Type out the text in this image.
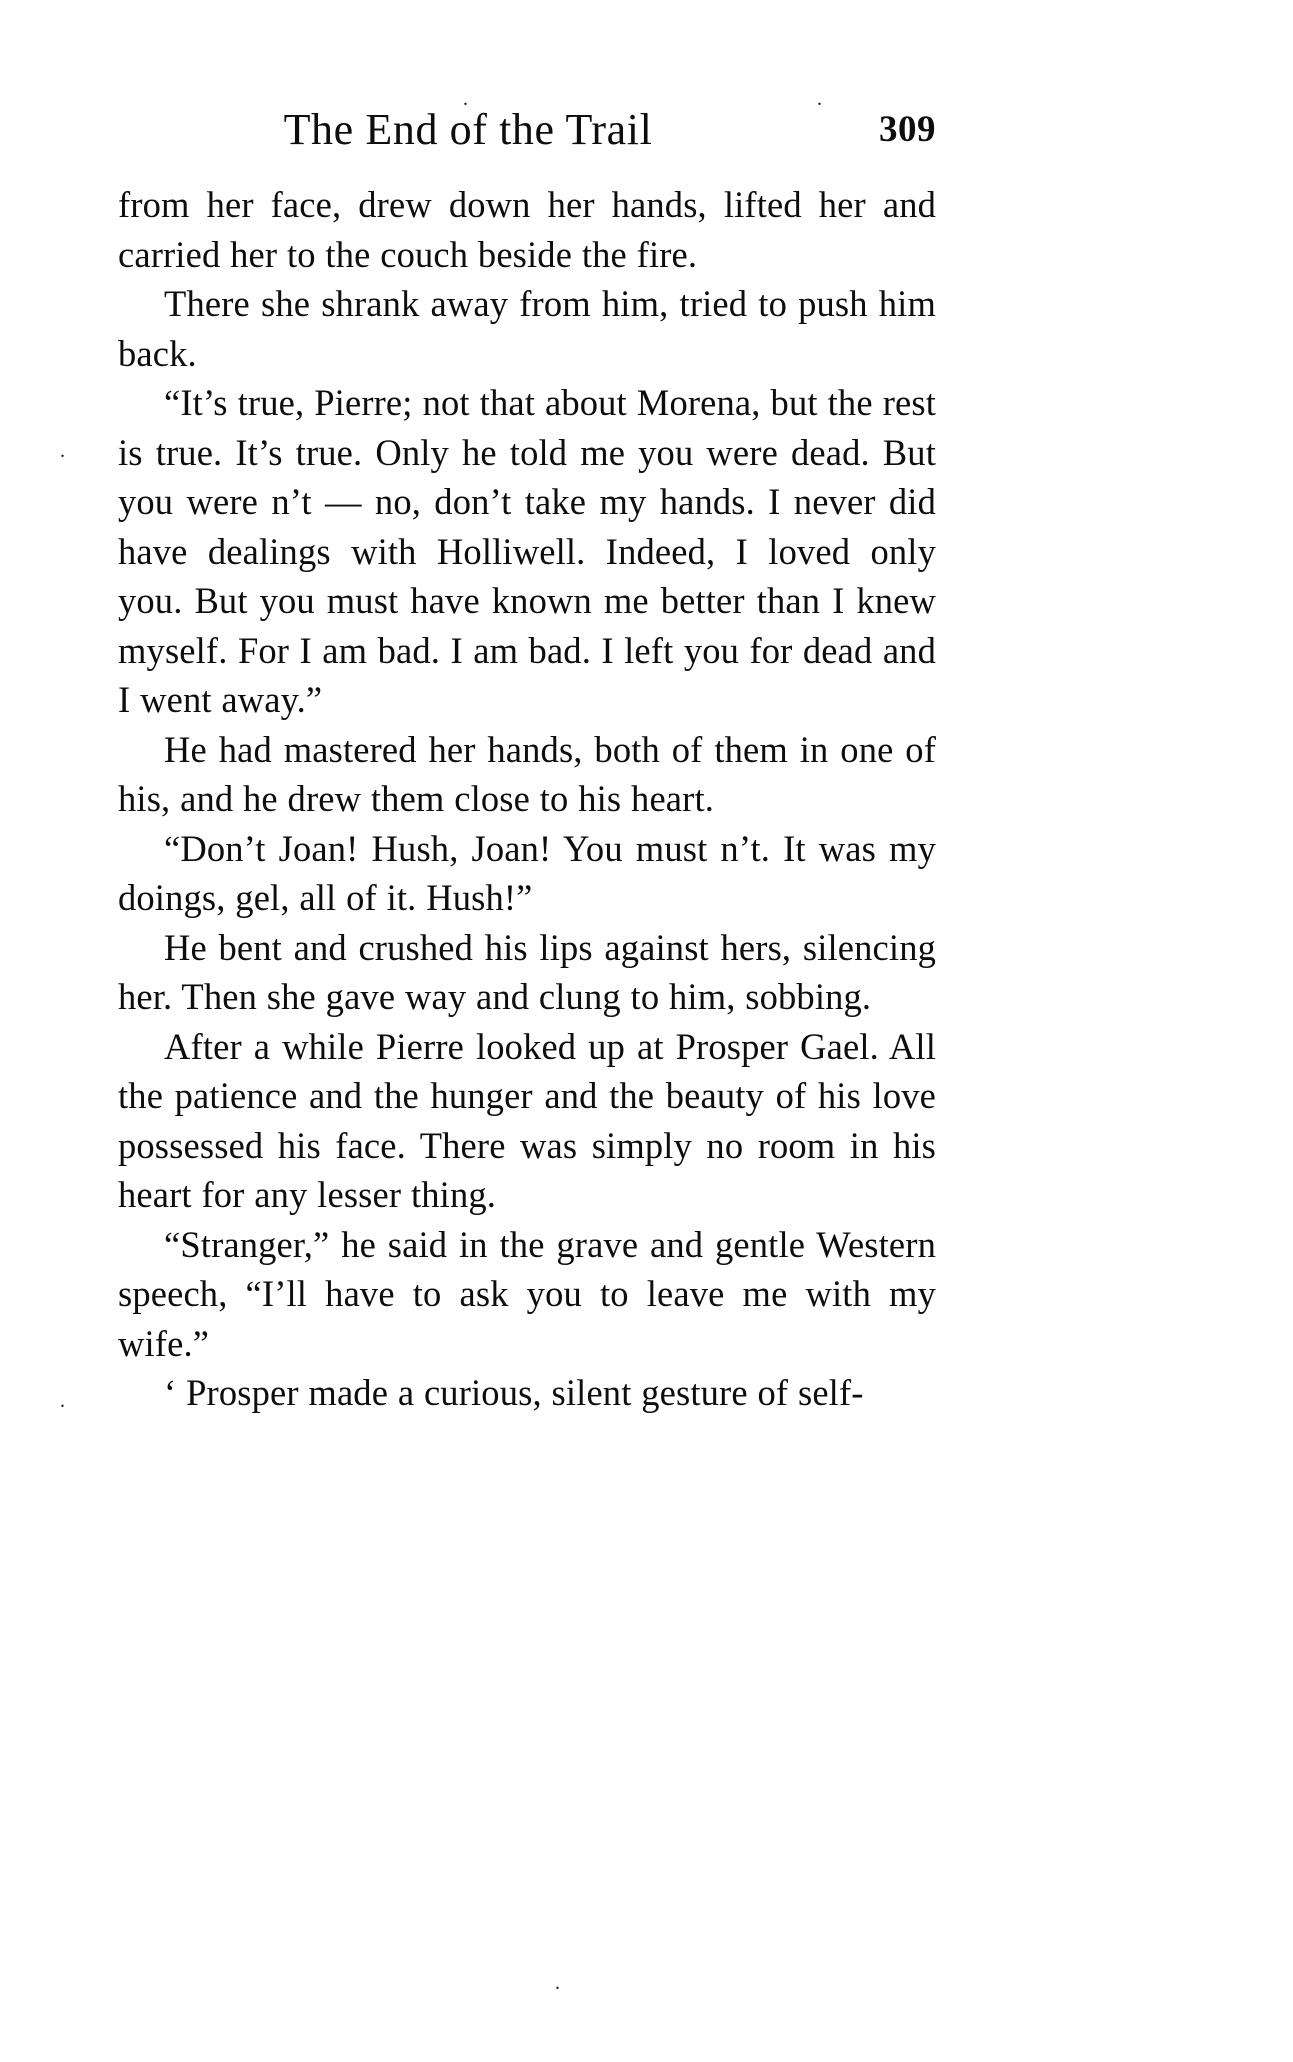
.	.
.
.
.
The End of the Trail	309

from her face, drew down her hands, lifted her and carried her to the couch beside the fire.

There she shrank away from him, tried to push him back.

“It’s true, Pierre; not that about Morena, but the rest is true. It’s true. Only he told me you were dead. But you were n’t — no, don’t take my hands. I never did have dealings with Holliwell. Indeed, I loved only you. But you must have known me better than I knew myself. For I am bad. I am bad. I left you for dead and I went away.”

He had mastered her hands, both of them in one of his, and he drew them close to his heart.

“Don’t Joan! Hush, Joan! You must n’t. It was my doings, gel, all of it. Hush!”

He bent and crushed his lips against hers, silencing her. Then she gave way and clung to him, sobbing.

After a while Pierre looked up at Prosper Gael. All the patience and the hunger and the beauty of his love possessed his face. There was simply no room in his heart for any lesser thing.

“Stranger,” he said in the grave and gentle Western speech, “I’ll have to ask you to leave me with my wife.”

‘ Prosper made a curious, silent gesture of self-
